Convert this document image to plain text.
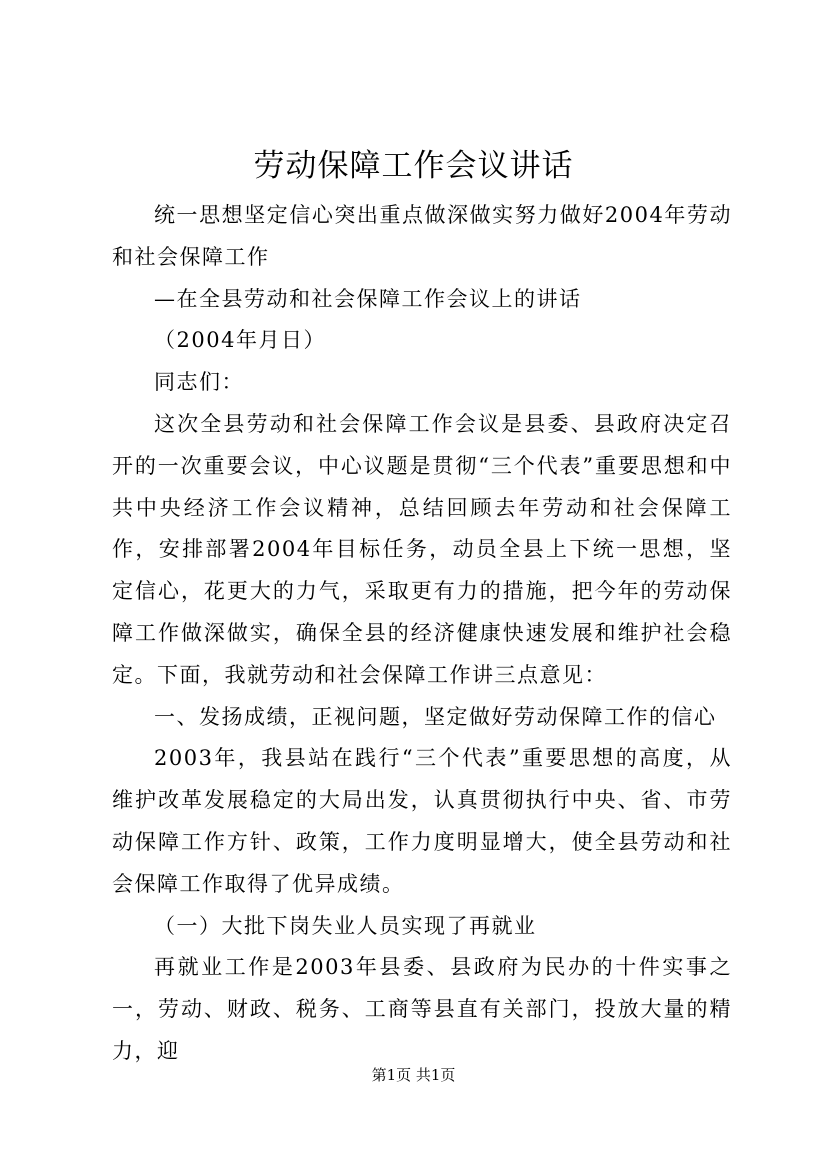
劳动保障工作会议讲话

统一思想坚定信心突出重点做深做实努力做好2004年劳动和社会保障工作

—在全县劳动和社会保障工作会议上的讲话

（2004年月日）

同志们：

这次全县劳动和社会保障工作会议是县委、县政府决定召开的一次重要会议，中心议题是贯彻“三个代表”重要思想和中共中央经济工作会议精神，总结回顾去年劳动和社会保障工作，安排部署2004年目标任务，动员全县上下统一思想，坚定信心，花更大的力气，采取更有力的措施，把今年的劳动保障工作做深做实，确保全县的经济健康快速发展和维护社会稳定。下面，我就劳动和社会保障工作讲三点意见：

一、发扬成绩，正视问题，坚定做好劳动保障工作的信心

2003年，我县站在践行“三个代表”重要思想的高度，从维护改革发展稳定的大局出发，认真贯彻执行中央、省、市劳动保障工作方针、政策，工作力度明显增大，使全县劳动和社会保障工作取得了优异成绩。

（一）大批下岗失业人员实现了再就业

再就业工作是2003年县委、县政府为民办的十件实事之一，劳动、财政、税务、工商等县直有关部门，投放大量的精力，迎

第1页 共1页
